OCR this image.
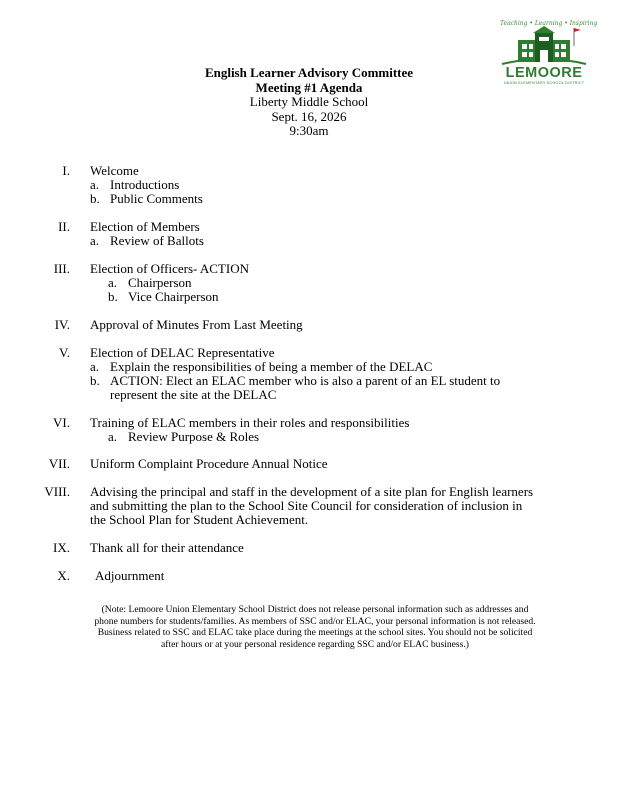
Teaching • Learning • Inspiring
LEMOORE
UNION ELEMENTARY SCHOOL DISTRICT
English Learner Advisory Committee
Meeting #1 Agenda
Liberty Middle School
Sept. 16, 2026
9:30am
I. Welcome
a. Introductions
b. Public Comments
II. Election of Members
a. Review of Ballots
III. Election of Officers- ACTION
a. Chairperson
b. Vice Chairperson
IV. Approval of Minutes From Last Meeting
V. Election of DELAC Representative
a. Explain the responsibilities of being a member of the DELAC
b. ACTION: Elect an ELAC member who is also a parent of an EL student to represent the site at the DELAC
VI. Training of ELAC members in their roles and responsibilities
a. Review Purpose & Roles
VII. Uniform Complaint Procedure Annual Notice
VIII. Advising the principal and staff in the development of a site plan for English learners and submitting the plan to the School Site Council for consideration of inclusion in the School Plan for Student Achievement.
IX. Thank all for their attendance
X. Adjournment
(Note: Lemoore Union Elementary School District does not release personal information such as addresses and phone numbers for students/families. As members of SSC and/or ELAC, your personal information is not released. Business related to SSC and ELAC take place during the meetings at the school sites. You should not be solicited after hours or at your personal residence regarding SSC and/or ELAC business.)
